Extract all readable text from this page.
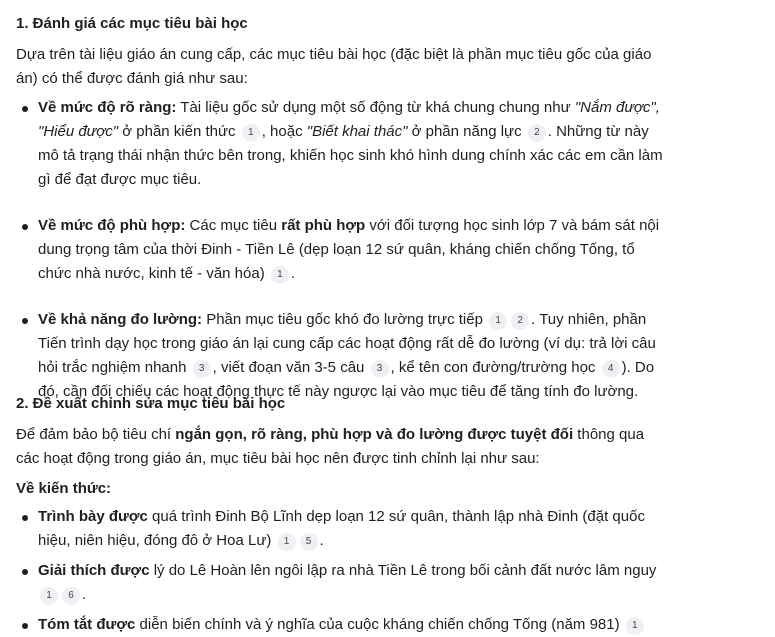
1. Đánh giá các mục tiêu bài học
Dựa trên tài liệu giáo án cung cấp, các mục tiêu bài học (đặc biệt là phần mục tiêu gốc của giáo án) có thể được đánh giá như sau:
Về mức độ rõ ràng: Tài liệu gốc sử dụng một số động từ khá chung chung như "Nắm được", "Hiểu được" ở phần kiến thức 1 , hoặc "Biết khai thác" ở phần năng lực 2 . Những từ này mô tả trạng thái nhận thức bên trong, khiến học sinh khó hình dung chính xác các em cần làm gì để đạt được mục tiêu.
Về mức độ phù hợp: Các mục tiêu rất phù hợp với đối tượng học sinh lớp 7 và bám sát nội dung trọng tâm của thời Đinh - Tiền Lê (dẹp loạn 12 sứ quân, kháng chiến chống Tống, tổ chức nhà nước, kinh tế - văn hóa) 1 .
Về khả năng đo lường: Phần mục tiêu gốc khó đo lường trực tiếp 1 2 . Tuy nhiên, phần Tiến trình dạy học trong giáo án lại cung cấp các hoạt động rất dễ đo lường (ví dụ: trả lời câu hỏi trắc nghiệm nhanh 3 , viết đoạn văn 3-5 câu 3 , kể tên con đường/trường học 4 ). Do đó, cần đối chiếu các hoạt động thực tế này ngược lại vào mục tiêu để tăng tính đo lường.
2. Đề xuất chỉnh sửa mục tiêu bài học
Để đảm bảo bộ tiêu chí ngắn gọn, rõ ràng, phù hợp và đo lường được tuyệt đối thông qua các hoạt động trong giáo án, mục tiêu bài học nên được tinh chỉnh lại như sau:
Về kiến thức:
Trình bày được quá trình Đinh Bộ Lĩnh dẹp loạn 12 sứ quân, thành lập nhà Đinh (đặt quốc hiệu, niên hiệu, đóng đô ở Hoa Lư) 1 5 .
Giải thích được lý do Lê Hoàn lên ngôi lập ra nhà Tiền Lê trong bối cảnh đất nước lâm nguy 1 6 .
Tóm tắt được diễn biến chính và ý nghĩa của cuộc kháng chiến chống Tống (năm 981) 1
